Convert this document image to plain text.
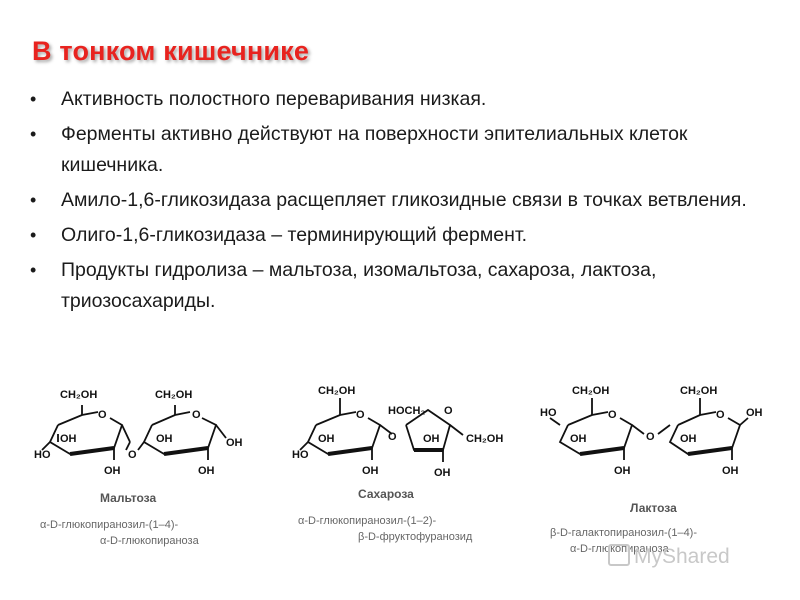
В тонком кишечнике
• Активность полостного переваривания низкая.
• Ферменты активно действуют на поверхности эпителиальных клеток кишечника.
• Амило-1,6-гликозидаза расщепляет гликозидные связи в точках ветвления.
• Олиго-1,6-гликозидаза – терминирующий фермент.
• Продукты гидролиза – мальтоза, изомальтоза, сахароза, лактоза, триозосахариды.
CH₂OH
O
OH
HO
OH
O
CH₂OH
O
OH	OH
OH
Мальтоза
α-D-глюкопиранозил-(1–4)-
α-D-глюкопираноза
CH₂OH
O
OH
HO
OH
O
HOCH₂ O
OH CH₂OH
OH
Сахароза
α-D-глюкопиранозил-(1–2)-
β-D-фруктофуранозид
CH₂OH
O
HO
OH
OH
O
CH₂OH
O OH
OH
OH
Лактоза
β-D-галактопиранозил-(1–4)-
α-D-глюкопираноза
MyShared
